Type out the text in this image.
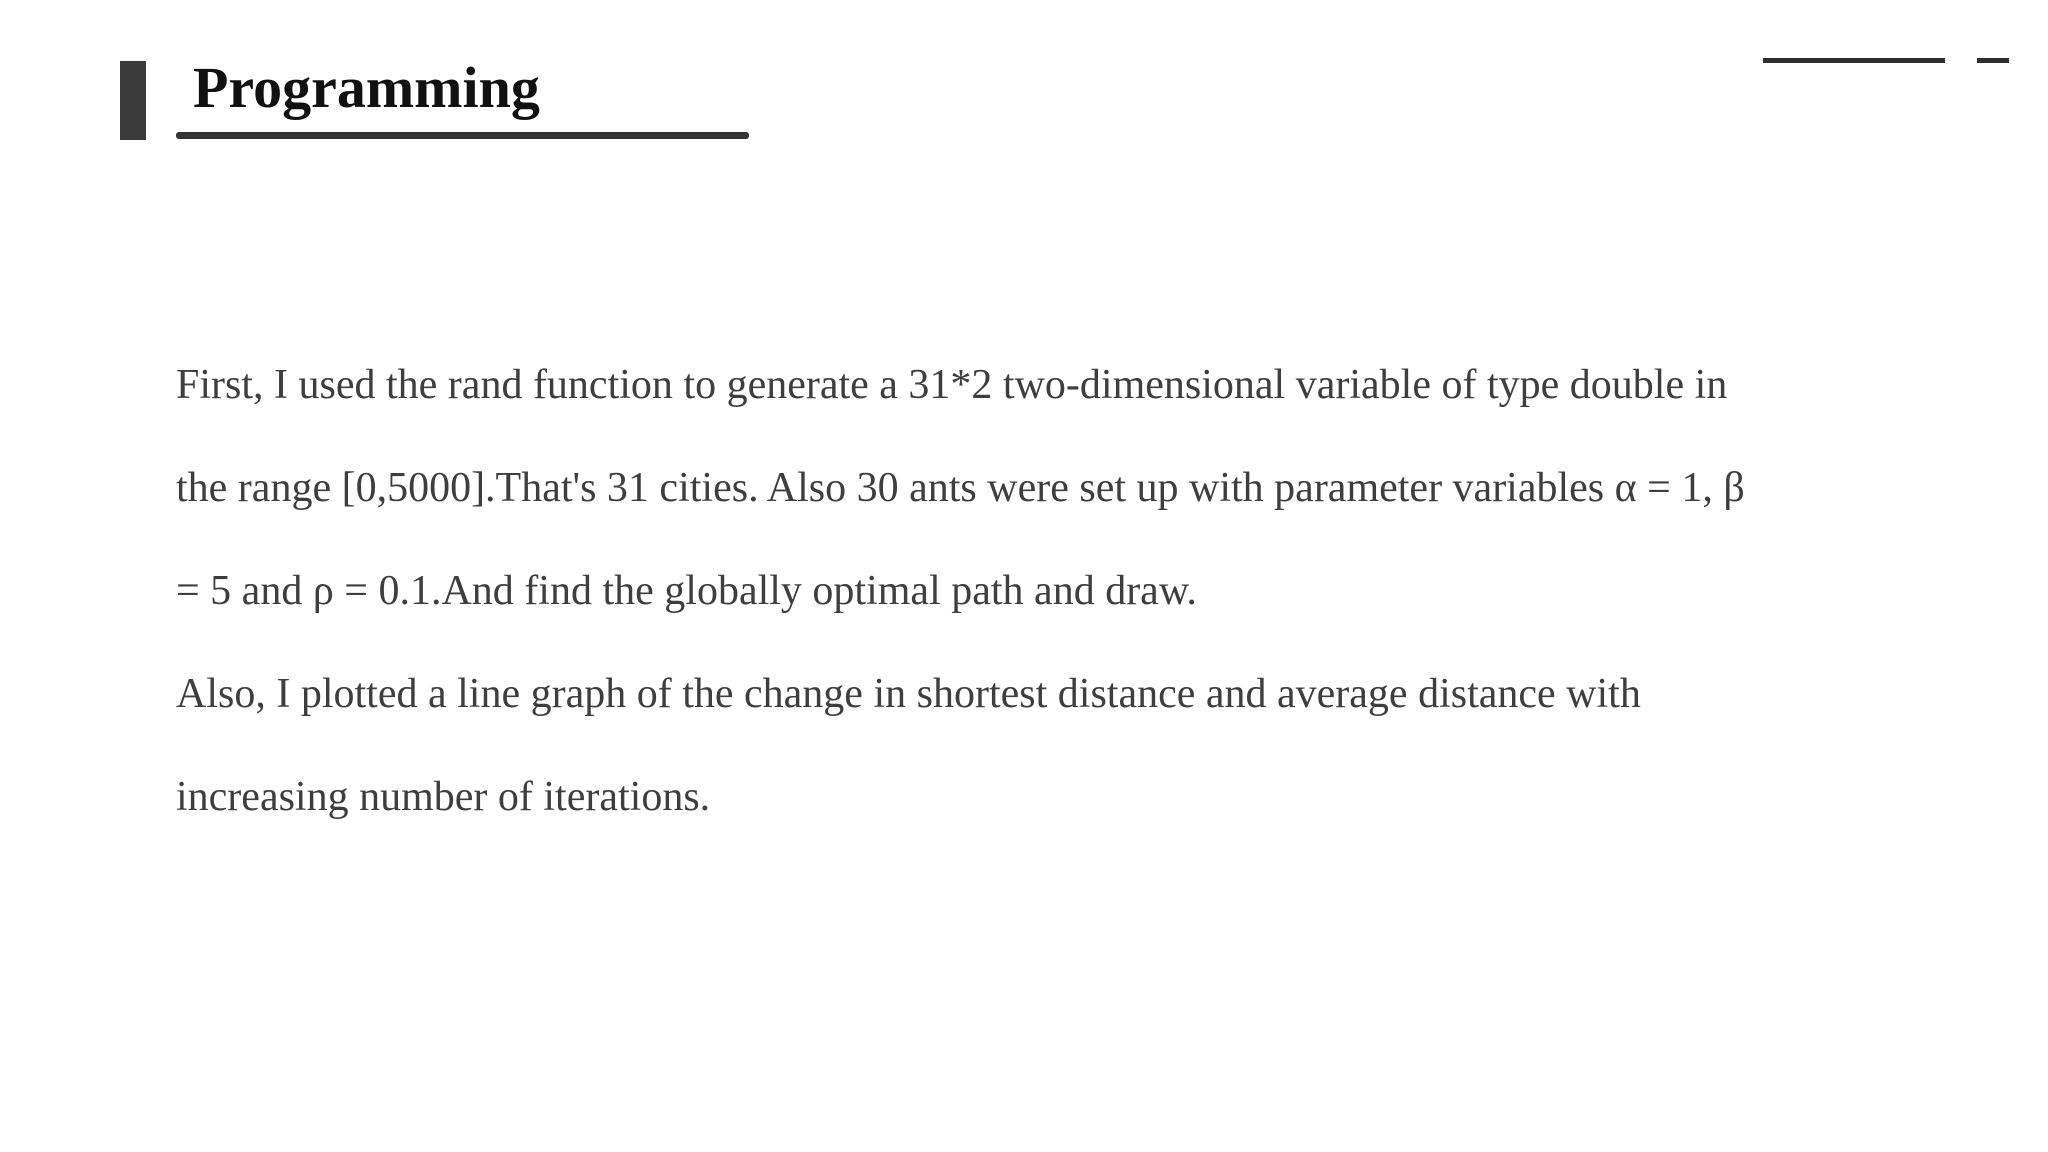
Programming

First, I used the rand function to generate a 31*2 two-dimensional variable of type double in

the range [0,5000].That's 31 cities. Also 30 ants were set up with parameter variables α = 1, β

= 5 and ρ = 0.1.And find the globally optimal path and draw.

Also, I plotted a line graph of the change in shortest distance and average distance with

increasing number of iterations.
